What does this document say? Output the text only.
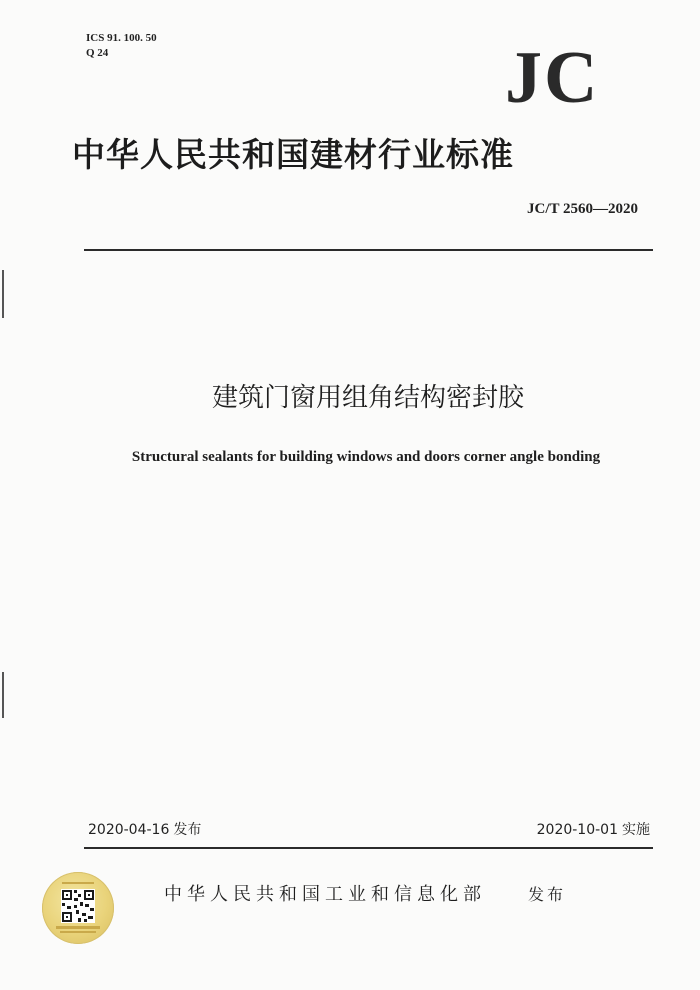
ICS 91. 100. 50
Q 24	JC
中华人民共和国建材行业标准
JC/T 2560—2020
建筑门窗用组角结构密封胶
Structural sealants for building windows and doors corner angle bonding
2020-04-16 发布	2020-10-01 实施
中华人民共和国工业和信息化部	发布
